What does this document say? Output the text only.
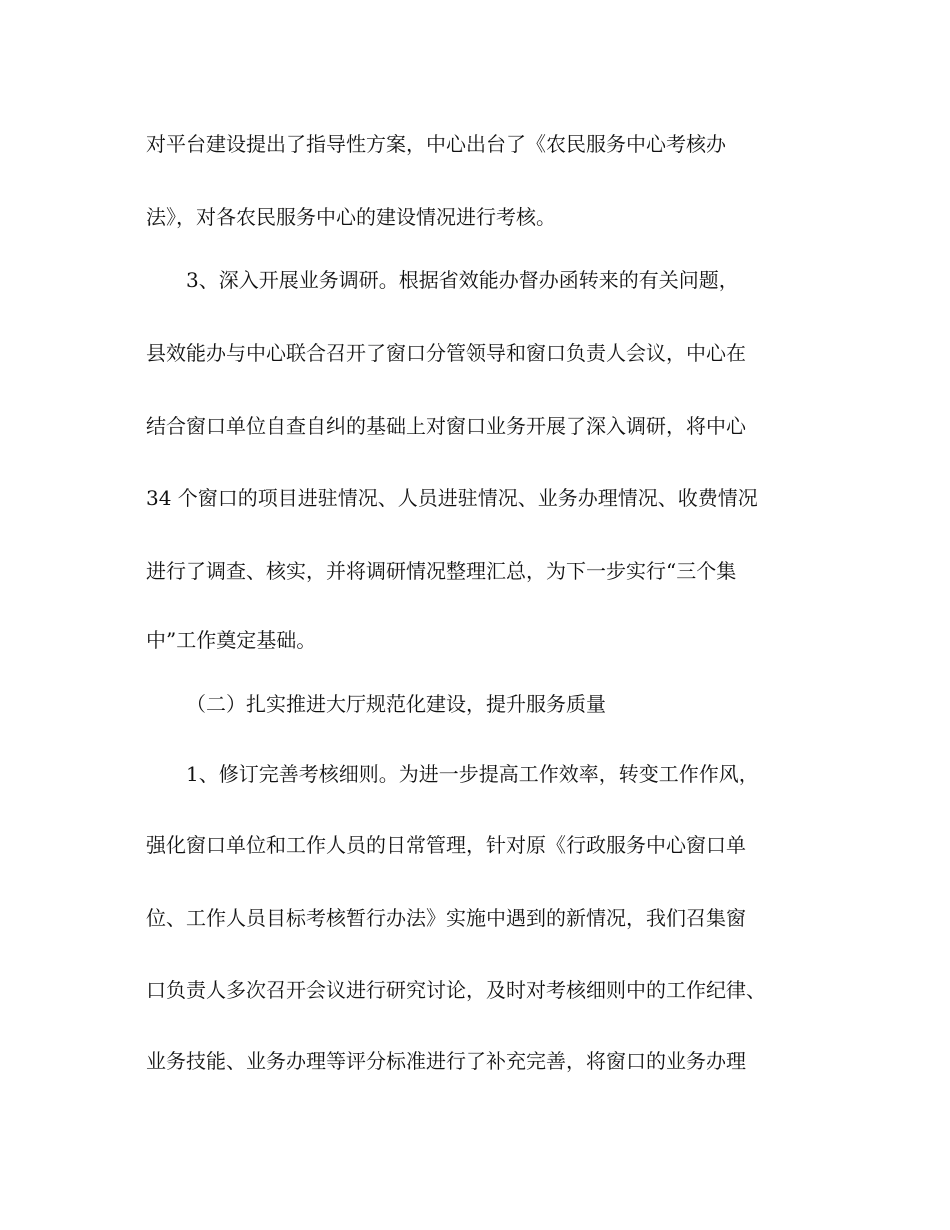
对平台建设提出了指导性方案，中心出台了《农民服务中心考核办
法》，对各农民服务中心的建设情况进行考核。
3、深入开展业务调研。根据省效能办督办函转来的有关问题，
县效能办与中心联合召开了窗口分管领导和窗口负责人会议，中心在
结合窗口单位自查自纠的基础上对窗口业务开展了深入调研，将中心
34 个窗口的项目进驻情况、人员进驻情况、业务办理情况、收费情况
进行了调查、核实，并将调研情况整理汇总，为下一步实行“三个集
中”工作奠定基础。
（二）扎实推进大厅规范化建设，提升服务质量
1、修订完善考核细则。为进一步提高工作效率，转变工作作风，
强化窗口单位和工作人员的日常管理，针对原《行政服务中心窗口单
位、工作人员目标考核暂行办法》实施中遇到的新情况，我们召集窗
口负责人多次召开会议进行研究讨论，及时对考核细则中的工作纪律、
业务技能、业务办理等评分标准进行了补充完善，将窗口的业务办理
